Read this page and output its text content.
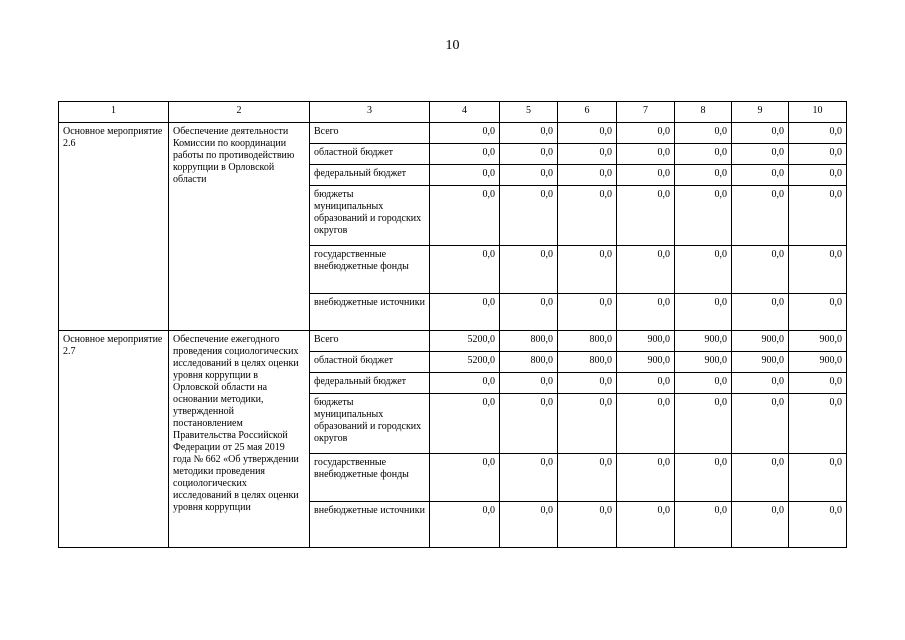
10
1	2	3	4	5	6	7	8	9	10
Основное мероприятие 2.6	Обеспечение деятельности Комиссии по координации работы по противодействию коррупции в Орловской области	Всего	0,0	0,0	0,0	0,0	0,0	0,0	0,0
		областной бюджет	0,0	0,0	0,0	0,0	0,0	0,0	0,0
		федеральный бюджет	0,0	0,0	0,0	0,0	0,0	0,0	0,0
		бюджеты муниципальных образований и городских округов	0,0	0,0	0,0	0,0	0,0	0,0	0,0
		государственные внебюджетные фонды	0,0	0,0	0,0	0,0	0,0	0,0	0,0
		внебюджетные источники	0,0	0,0	0,0	0,0	0,0	0,0	0,0
Основное мероприятие 2.7	Обеспечение ежегодного проведения социологических исследований в целях оценки уровня коррупции в Орловской области на основании методики, утвержденной постановлением Правительства Российской Федерации от 25 мая 2019 года № 662 «Об утверждении методики проведения социологических исследований в целях оценки уровня коррупции	Всего	5200,0	800,0	800,0	900,0	900,0	900,0	900,0
		областной бюджет	5200,0	800,0	800,0	900,0	900,0	900,0	900,0
		федеральный бюджет	0,0	0,0	0,0	0,0	0,0	0,0	0,0
		бюджеты муниципальных образований и городских округов	0,0	0,0	0,0	0,0	0,0	0,0	0,0
		государственные внебюджетные фонды	0,0	0,0	0,0	0,0	0,0	0,0	0,0
		внебюджетные источники	0,0	0,0	0,0	0,0	0,0	0,0	0,0
